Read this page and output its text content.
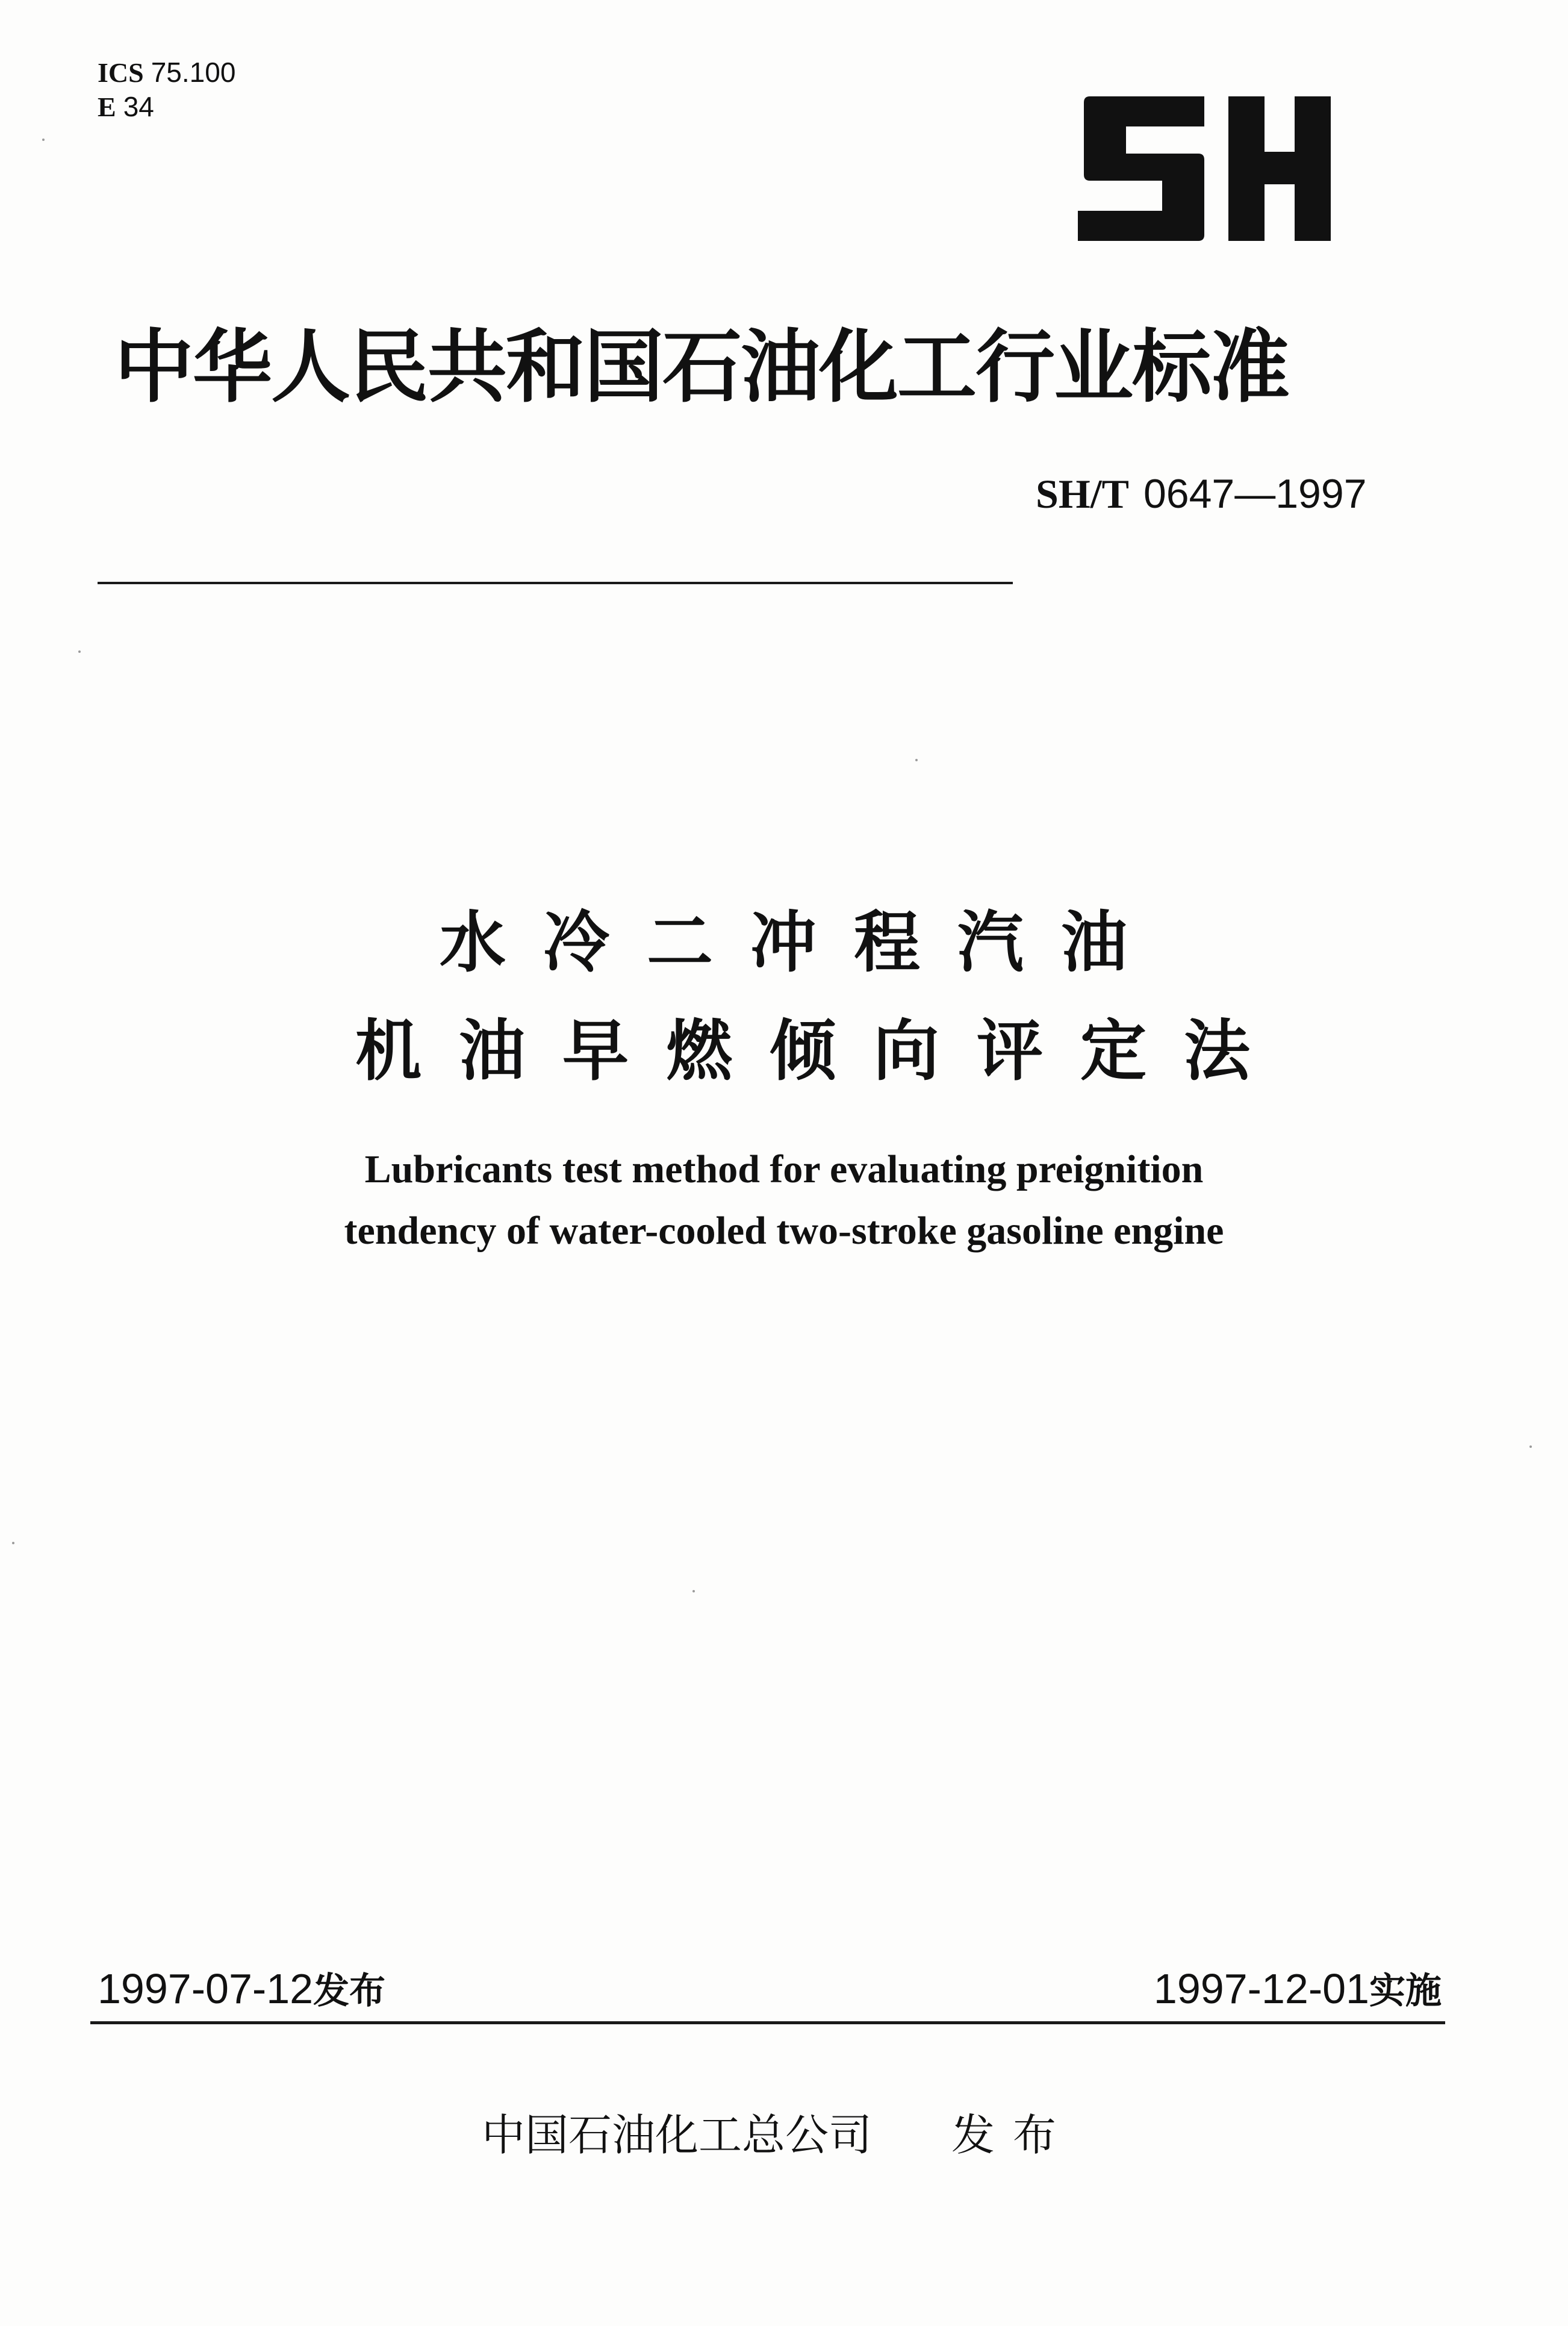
ICS 75.100
E 34
中华人民共和国石油化工行业标准
SH/T 0647—1997
水冷二冲程汽油
机油早燃倾向评定法
Lubricants test method for evaluating preignition
tendency of water-cooled two-stroke gasoline engine
1997-07-12发布	1997-12-01实施
中国石油化工总公司 发布
